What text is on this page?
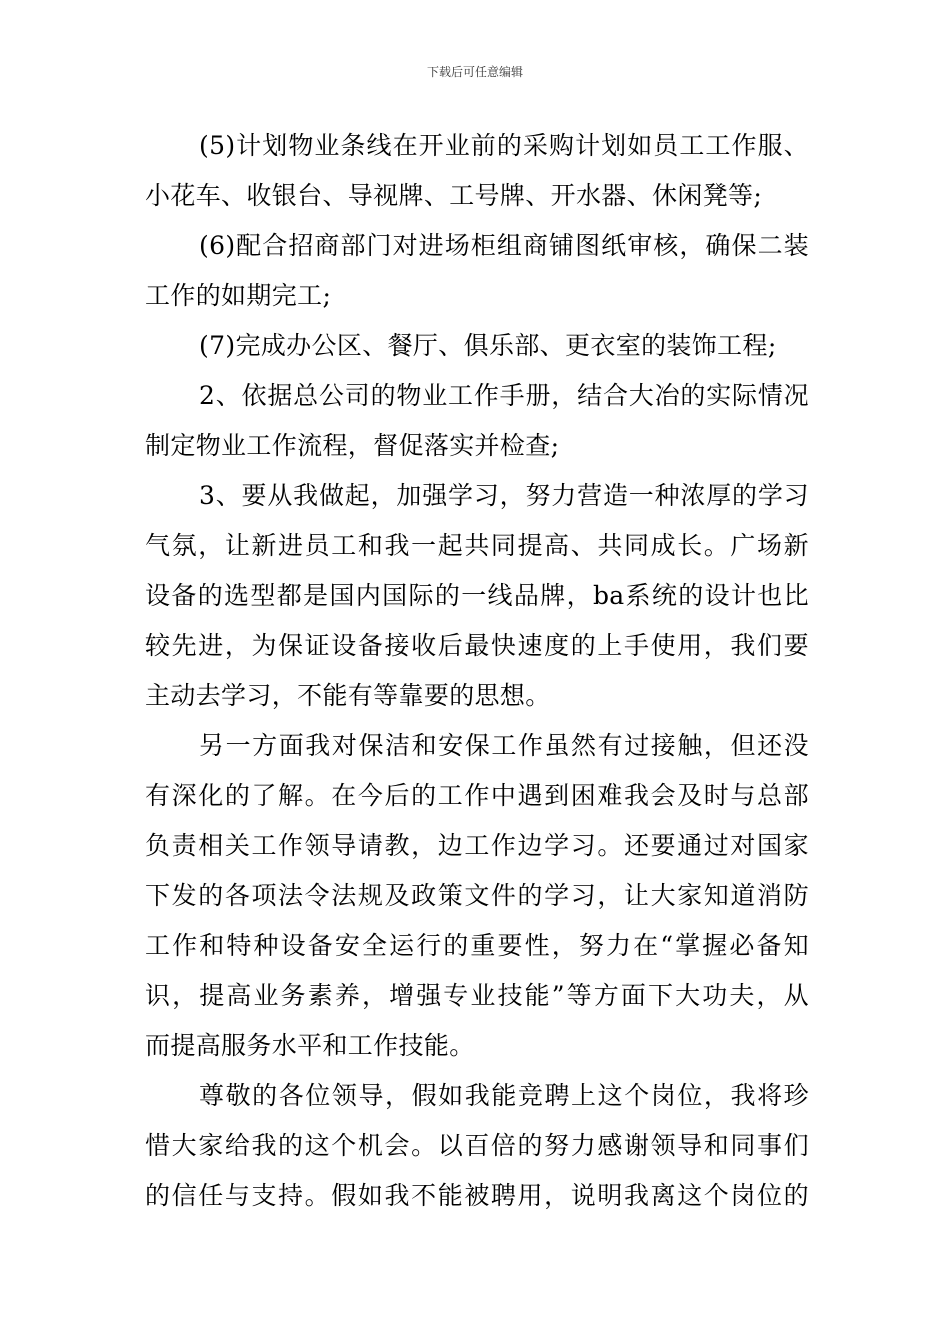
下载后可任意编辑
(5)计划物业条线在开业前的采购计划如员工工作服、
小花车、收银台、导视牌、工号牌、开水器、休闲凳等;
(6)配合招商部门对进场柜组商铺图纸审核，确保二装
工作的如期完工;
(7)完成办公区、餐厅、俱乐部、更衣室的装饰工程;
2、依据总公司的物业工作手册，结合大冶的实际情况
制定物业工作流程，督促落实并检查;
3、要从我做起，加强学习，努力营造一种浓厚的学习
气氛，让新进员工和我一起共同提高、共同成长。广场新
设备的选型都是国内国际的一线品牌，ba系统的设计也比
较先进，为保证设备接收后最快速度的上手使用，我们要
主动去学习，不能有等靠要的思想。
另一方面我对保洁和安保工作虽然有过接触，但还没
有深化的了解。在今后的工作中遇到困难我会及时与总部
负责相关工作领导请教，边工作边学习。还要通过对国家
下发的各项法令法规及政策文件的学习，让大家知道消防
工作和特种设备安全运行的重要性，努力在“掌握必备知
识，提高业务素养，增强专业技能”等方面下大功夫，从
而提高服务水平和工作技能。
尊敬的各位领导，假如我能竞聘上这个岗位，我将珍
惜大家给我的这个机会。以百倍的努力感谢领导和同事们
的信任与支持。假如我不能被聘用，说明我离这个岗位的
